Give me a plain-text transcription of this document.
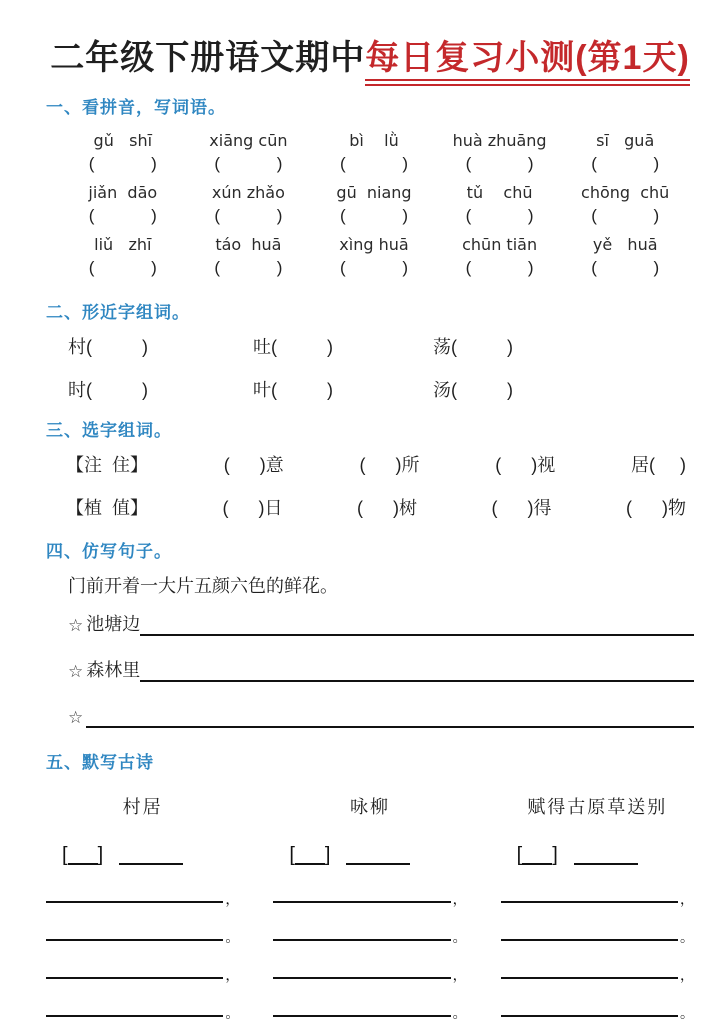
二年级下册语文期中每日复习小测(第1天)
一、看拼音，写词语。
gǔ   shī	xiāng cūn	bì    lǜ	huà zhuāng	sī   guā
(            )	(            )	(            )	(            )	(            )
jiǎn  dāo	xún zhǎo	gū  niang	tǔ    chū	chōng  chū
(            )	(            )	(            )	(            )	(            )
liǔ   zhī	táo  huā	xìng huā	chūn tiān	yě   huā
(            )	(            )	(            )	(            )	(            )
二、形近字组词。
村(          )	吐(          )	荡(          )
时(          )	叶(          )	汤(          )
三、选字组词。
【注  住】	(      )意	(      )所	(      )视	居(     )
【植  值】	(      )日	(      )树	(      )得	(      )物
四、仿写句子。
门前开着一大片五颜六色的鲜花。
☆ 池塘边
☆ 森林里
☆
五、默写古诗
村居
[ ]
，
。
，
。
咏柳
[ ]
，
。
，
。
赋得古原草送别
[ ]
，
。
，
。
